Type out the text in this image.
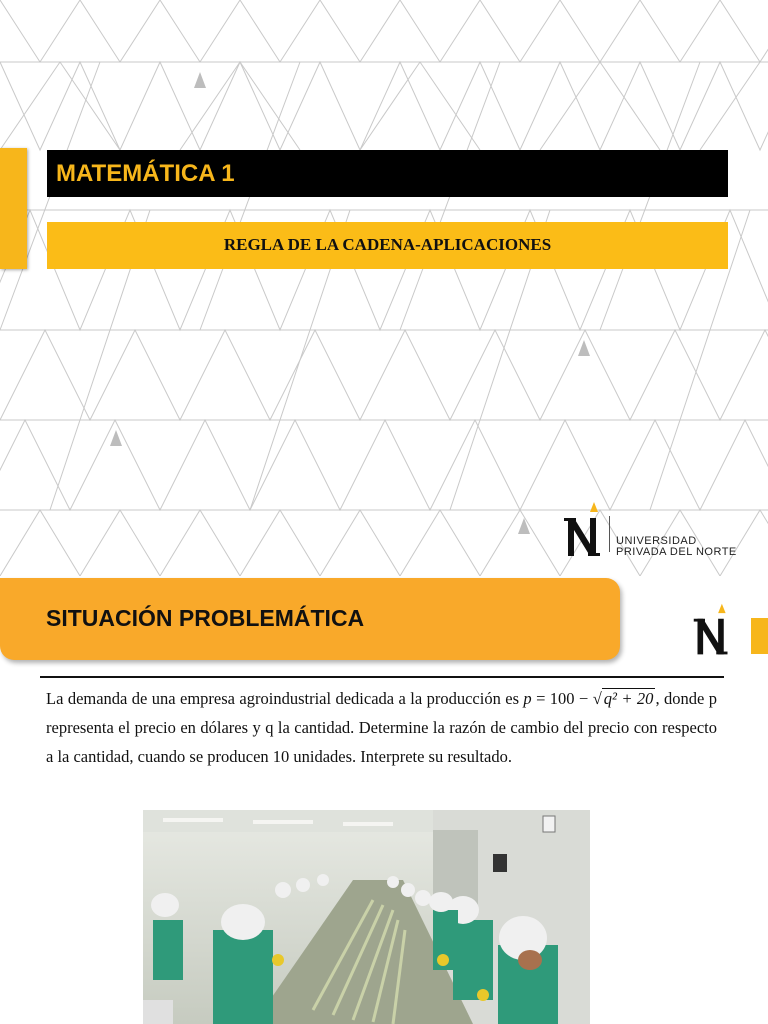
MATEMÁTICA 1
REGLA DE LA CADENA-APLICACIONES
UNIVERSIDAD
PRIVADA DEL NORTE
SITUACIÓN PROBLEMÁTICA
La demanda de una empresa agroindustrial dedicada a la producción es p = 100 − √ q² + 20 , donde p representa el precio en dólares y q la cantidad. Determine la razón de cambio del precio con respecto a la cantidad, cuando se producen 10 unidades. Interprete su resultado.
